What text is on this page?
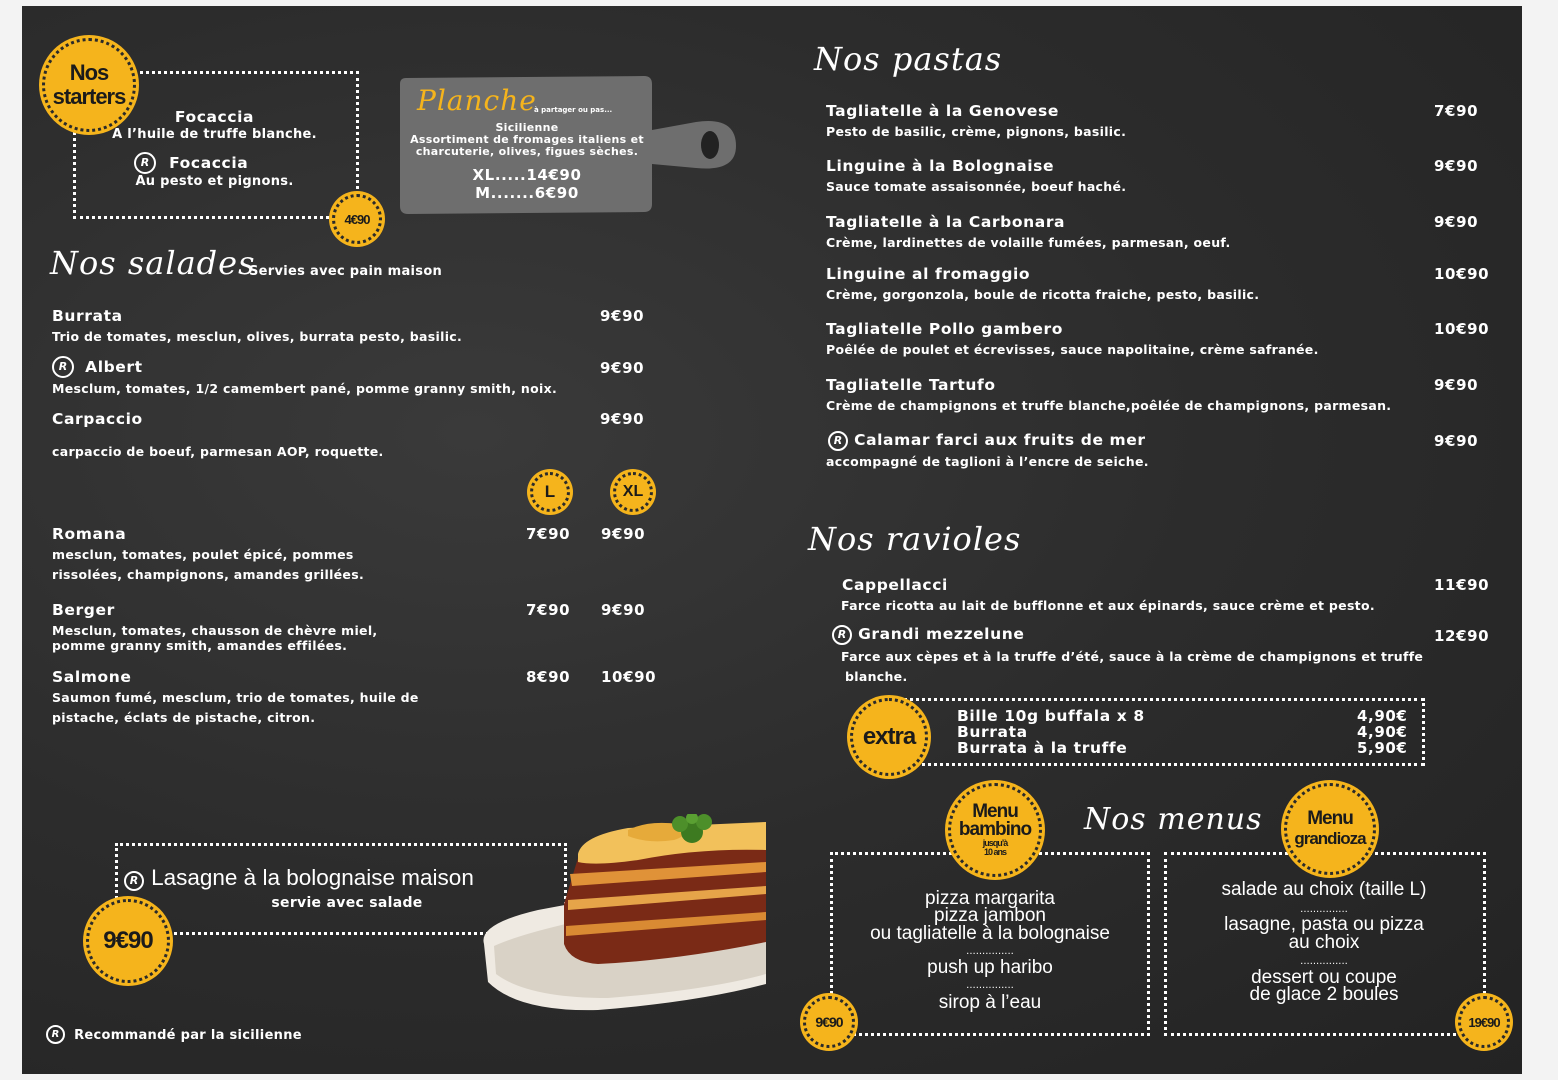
Nos
starters
Focaccia
A l’huile de truffe blanche.
R Focaccia
Au pesto et pignons.
4€90
Planche
à partager ou pas...
Sicilienne
Assortiment de fromages italiens et
charcuterie, olives, figues sèches.
XL.....14€90
M.......6€90
Nos salades
Servies avec pain maison
Burrata	9€90
Trio de tomates, mesclun, olives, burrata pesto, basilic.
R Albert	9€90
Mesclum, tomates, 1/2 camembert pané, pomme granny smith, noix.
Carpaccio	9€90
carpaccio de boeuf, parmesan AOP, roquette.
L	XL
Romana	7€90 9€90
mesclun, tomates, poulet épicé, pommes
rissolées, champignons, amandes grillées.
Berger	7€90 9€90
Mesclun, tomates, chausson de chèvre miel,
pomme granny smith, amandes effilées.
Salmone	8€90 10€90
Saumon fumé, mesclum, trio de tomates, huile de
pistache, éclats de pistache, citron.
R Lasagne à la bolognaise maison
servie avec salade
9€90
R Recommandé par la sicilienne
Nos pastas
Tagliatelle à la Genovese	7€90
Pesto de basilic, crème, pignons, basilic.
Linguine à la Bolognaise	9€90
Sauce tomate assaisonnée, boeuf haché.
Tagliatelle à la Carbonara	9€90
Crème, lardinettes de volaille fumées, parmesan, oeuf.
Linguine al fromaggio	10€90
Crème, gorgonzola, boule de ricotta fraiche, pesto, basilic.
Tagliatelle Pollo gambero	10€90
Poêlée de poulet et écrevisses, sauce napolitaine, crème safranée.
Tagliatelle Tartufo	9€90
Crème de champignons et truffe blanche,poêlée de champignons, parmesan.
R Calamar farci aux fruits de mer	9€90
accompagné de taglioni à l’encre de seiche.
Nos ravioles
Cappellacci	11€90
Farce ricotta au lait de bufflonne et aux épinards, sauce crème et pesto.
R Grandi mezzelune	12€90
Farce aux cèpes et à la truffe d’été, sauce à la crème de champignons et truffe
blanche.
extra
Bille 10g buffala x 8	4,90€
Burrata	4,90€
Burrata à la truffe	5,90€
Nos menus
Menu
bambino
jusqu’à
10 ans
pizza margarita
pizza jambon
ou tagliatelle à la bolognaise
...............
push up haribo
...............
sirop à l’eau
9€90
Menu
grandioza
salade au choix (taille L)
...............
lasagne, pasta ou pizza
au choix
...............
dessert ou coupe
de glace 2 boules
19€90
